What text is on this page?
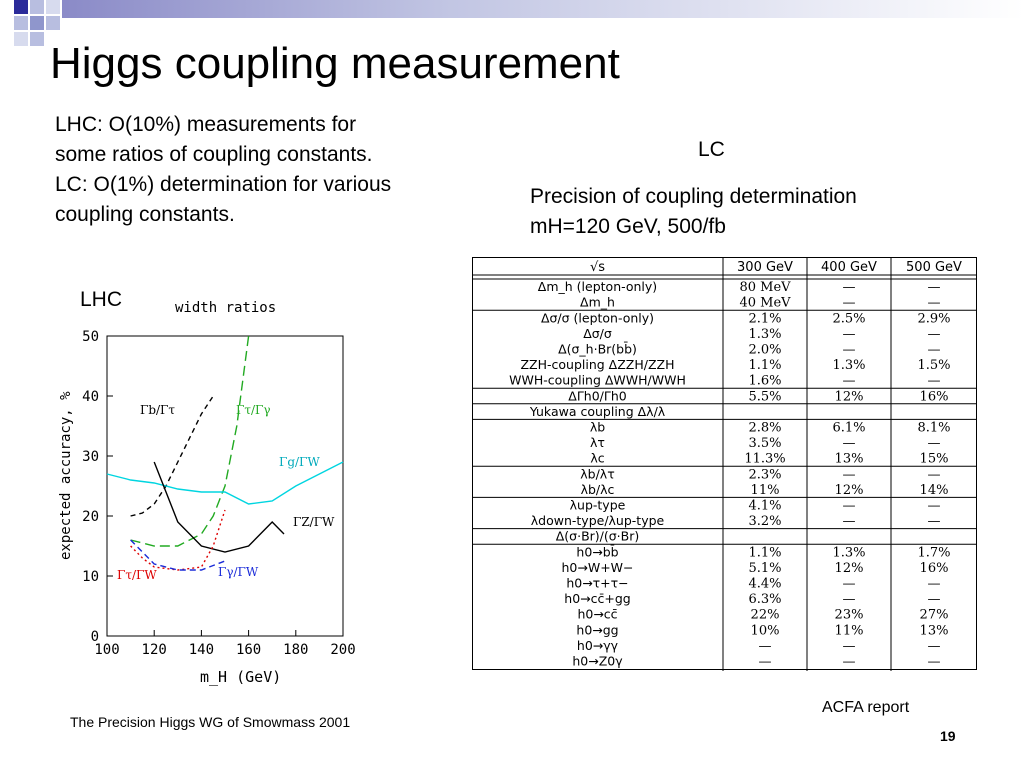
Higgs coupling measurement
LHC: O(10%) measurements for
some ratios of coupling constants.
LC: O(1%) determination for various
coupling constants.
LC
Precision of coupling determination
mH=120 GeV, 500/fb
LHC	width ratios
100 120 140 160 180 200
0
10
20
30
40
50
Γb/Γτ	Γτ/Γγ
Γg/ΓW
ΓZ/ΓW
Γτ/ΓW	Γγ/ΓW
m_H (GeV)
expected accuracy, %
√s	300 GeV 400 GeV 500 GeV
Δm_h (lepton-only)	80 MeV	—	—
Δm_h	40 MeV	—	—
Δσ/σ (lepton-only)	2.1%	2.5%	2.9%
Δσ/σ	1.3%	—	—
Δ(σ_h·Br(bb̄)	2.0%	—	—
ZZH-coupling ΔZZH/ZZH	1.1%	1.3%	1.5%
WWH-coupling ΔWWH/WWH	1.6%	—	—
ΔΓh0/Γh0	5.5%	12%	16%
Yukawa coupling Δλ/λ
λb	2.8%	6.1%	8.1%
λτ	3.5%	—	—
λc	11.3%	13%	15%
λb/λτ	2.3%	—	—
λb/λc	11%	12%	14%
λup-type	4.1%	—	—
λdown-type/λup-type	3.2%	—	—
Δ(σ·Br)/(σ·Br)
h0→bb̄	1.1%	1.3%	1.7%
h0→W+W−	5.1%	12%	16%
h0→τ+τ−	4.4%	—	—
h0→cc̄+gg	6.3%	—	—
h0→cc̄	22%	23%	27%
h0→gg	10%	11%	13%
h0→γγ	—	—	—
h0→Z0γ	—	—	—
ACFA report
The Precision Higgs WG of Smowmass 2001
19
